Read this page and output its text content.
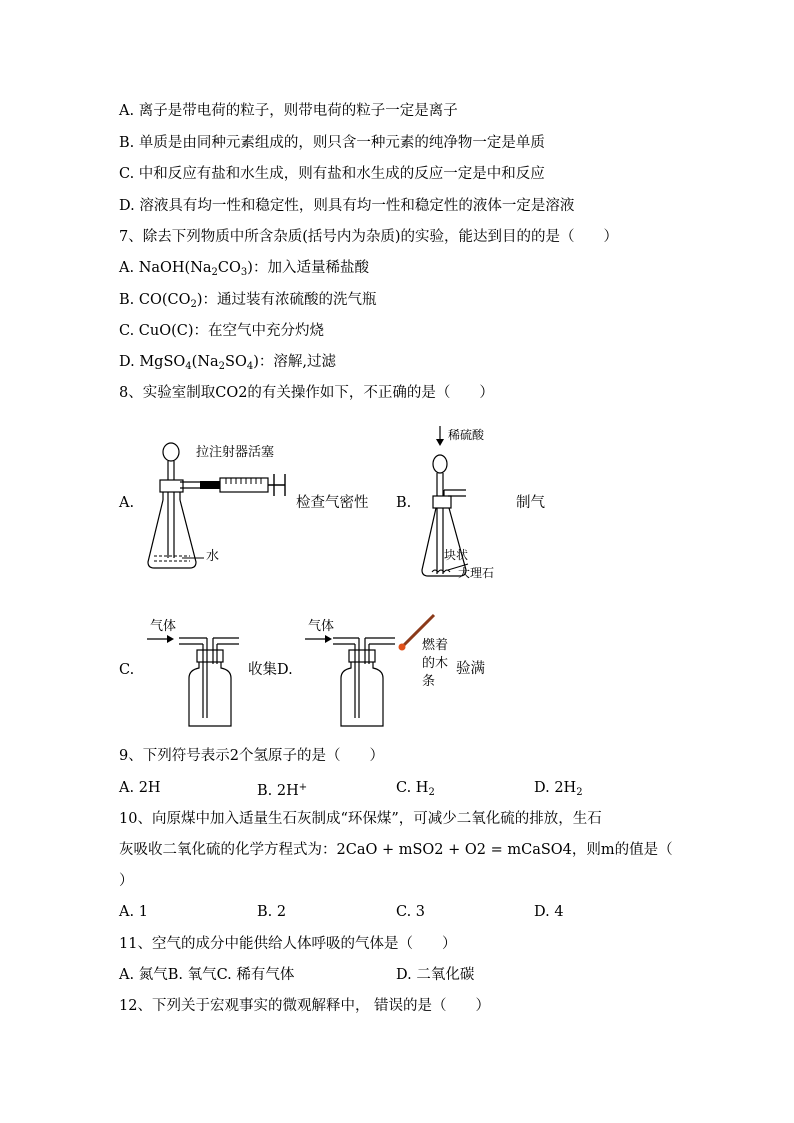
A. 离子是带电荷的粒子，则带电荷的粒子一定是离子
B. 单质是由同种元素组成的，则只含一种元素的纯净物一定是单质
C. 中和反应有盐和水生成，则有盐和水生成的反应一定是中和反应
D. 溶液具有均一性和稳定性，则具有均一性和稳定性的液体一定是溶液
7、除去下列物质中所含杂质(括号内为杂质)的实验，能达到目的的是（　　）
A. $NaOH(Na_2CO_3)$：加入适量稀盐酸
B. $CO(CO_2)$：通过装有浓硫酸的洗气瓶
C. CuO(C)：在空气中充分灼烧
D. $MgSO_4(Na_2SO_4)$：溶解,过滤
8、实验室制取CO2的有关操作如下，不正确的是（　　）
A.
拉注射器活塞
水
检查气密性 B.
稀硫酸
块状
大理石
制气
C.
气体
收集D.
气体
燃着
的木
条
验满
9、下列符号表示2个氢原子的是（　　）
A. 2H	B. 2H+	C. $H_2$	D. $2H_2$
10、向原煤中加入适量生石灰制成“环保煤”，可减少二氧化硫的排放，生石
灰吸收二氧化硫的化学方程式为：2CaO + mSO2 + O2 = mCaSO4，则m的值是（
）
A. 1	B. 2	C. 3	D. 4
11、空气的成分中能供给人体呼吸的气体是（　　）
A. 氮气B. 氧气C. 稀有气体	D. 二氧化碳
12、下列关于宏观事实的微观解释中， 错误的是（　　）
